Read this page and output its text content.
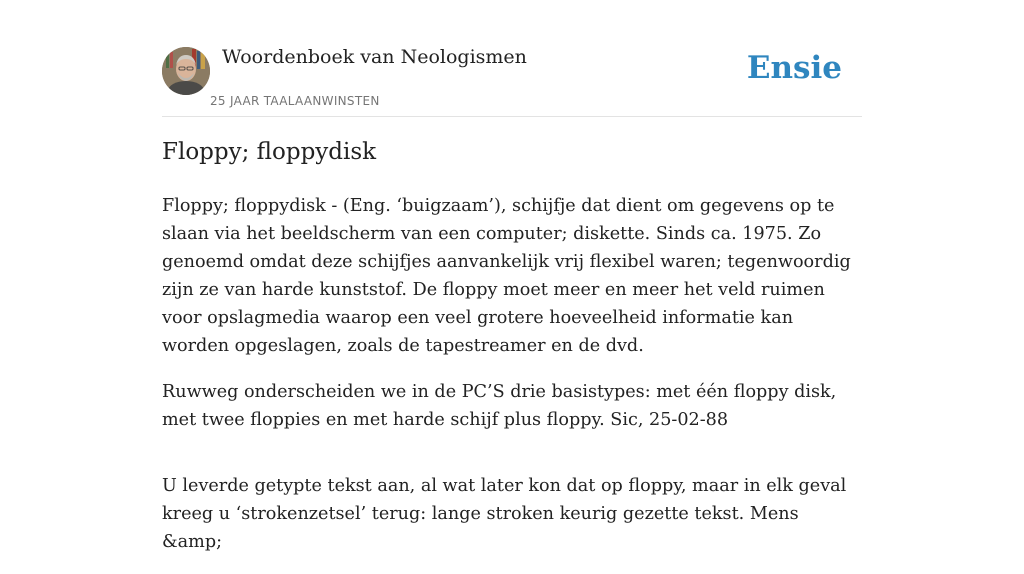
Woordenboek van Neologismen
25 JAAR TAALAANWINSTEN
Ensie
Floppy; floppydisk

Floppy; floppydisk - (Eng. ‘buigzaam’), schijfje dat dient om gegevens op te slaan via het beeldscherm van een computer; diskette. Sinds ca. 1975. Zo genoemd omdat deze schijfjes aanvankelijk vrij flexibel waren; tegenwoordig zijn ze van harde kunststof. De floppy moet meer en meer het veld ruimen voor opslagmedia waarop een veel grotere hoeveelheid informatie kan worden opgeslagen, zoals de tapestreamer en de dvd.

Ruwweg onderscheiden we in de PC’S drie basistypes: met één floppy disk, met twee floppies en met harde schijf plus floppy. Sic, 25-02-88

U leverde getypte tekst aan, al wat later kon dat op floppy, maar in elk geval kreeg u ‘strokenzetsel’ terug: lange stroken keurig gezette tekst. Mens &amp;
